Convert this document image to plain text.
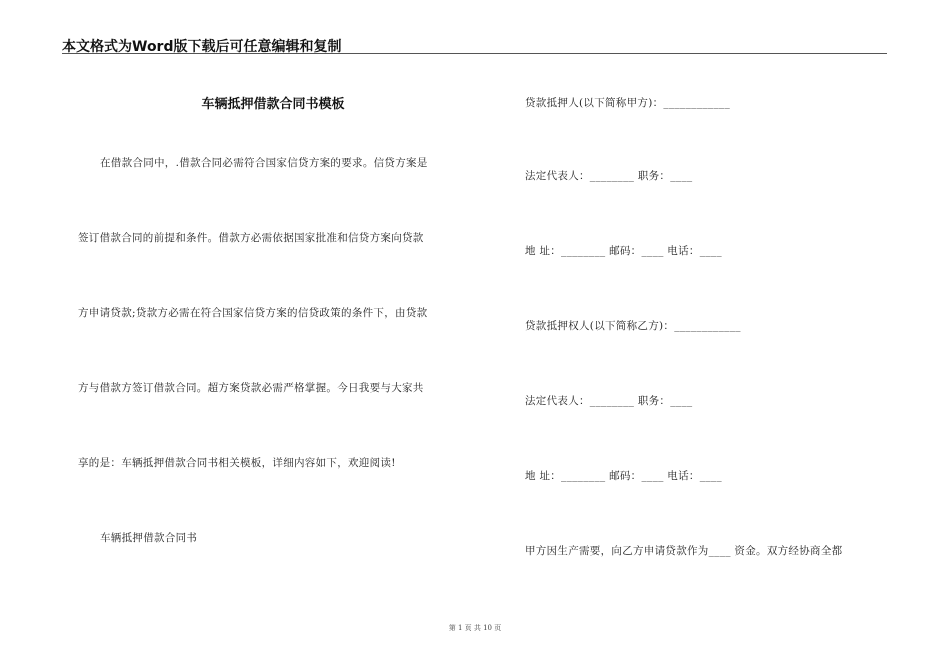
本文格式为Word版下载后可任意编辑和复制
车辆抵押借款合同书模板
在借款合同中，.借款合同必需符合国家信贷方案的要求。信贷方案是
签订借款合同的前提和条件。借款方必需依据国家批准和信贷方案向贷款
方申请贷款;贷款方必需在符合国家信贷方案的信贷政策的条件下，由贷款
方与借款方签订借款合同。超方案贷款必需严格掌握。今日我要与大家共
享的是：车辆抵押借款合同书相关模板，详细内容如下，欢迎阅读!
车辆抵押借款合同书
贷款抵押人(以下简称甲方)：____________
法定代表人：________ 职务：____
地 址：________ 邮码：____ 电话：____
贷款抵押权人(以下简称乙方)：____________
法定代表人：________ 职务：____
地 址：________ 邮码：____ 电话：____
甲方因生产需要，向乙方申请贷款作为____ 资金。双方经协商全都
第 1 页 共 10 页
